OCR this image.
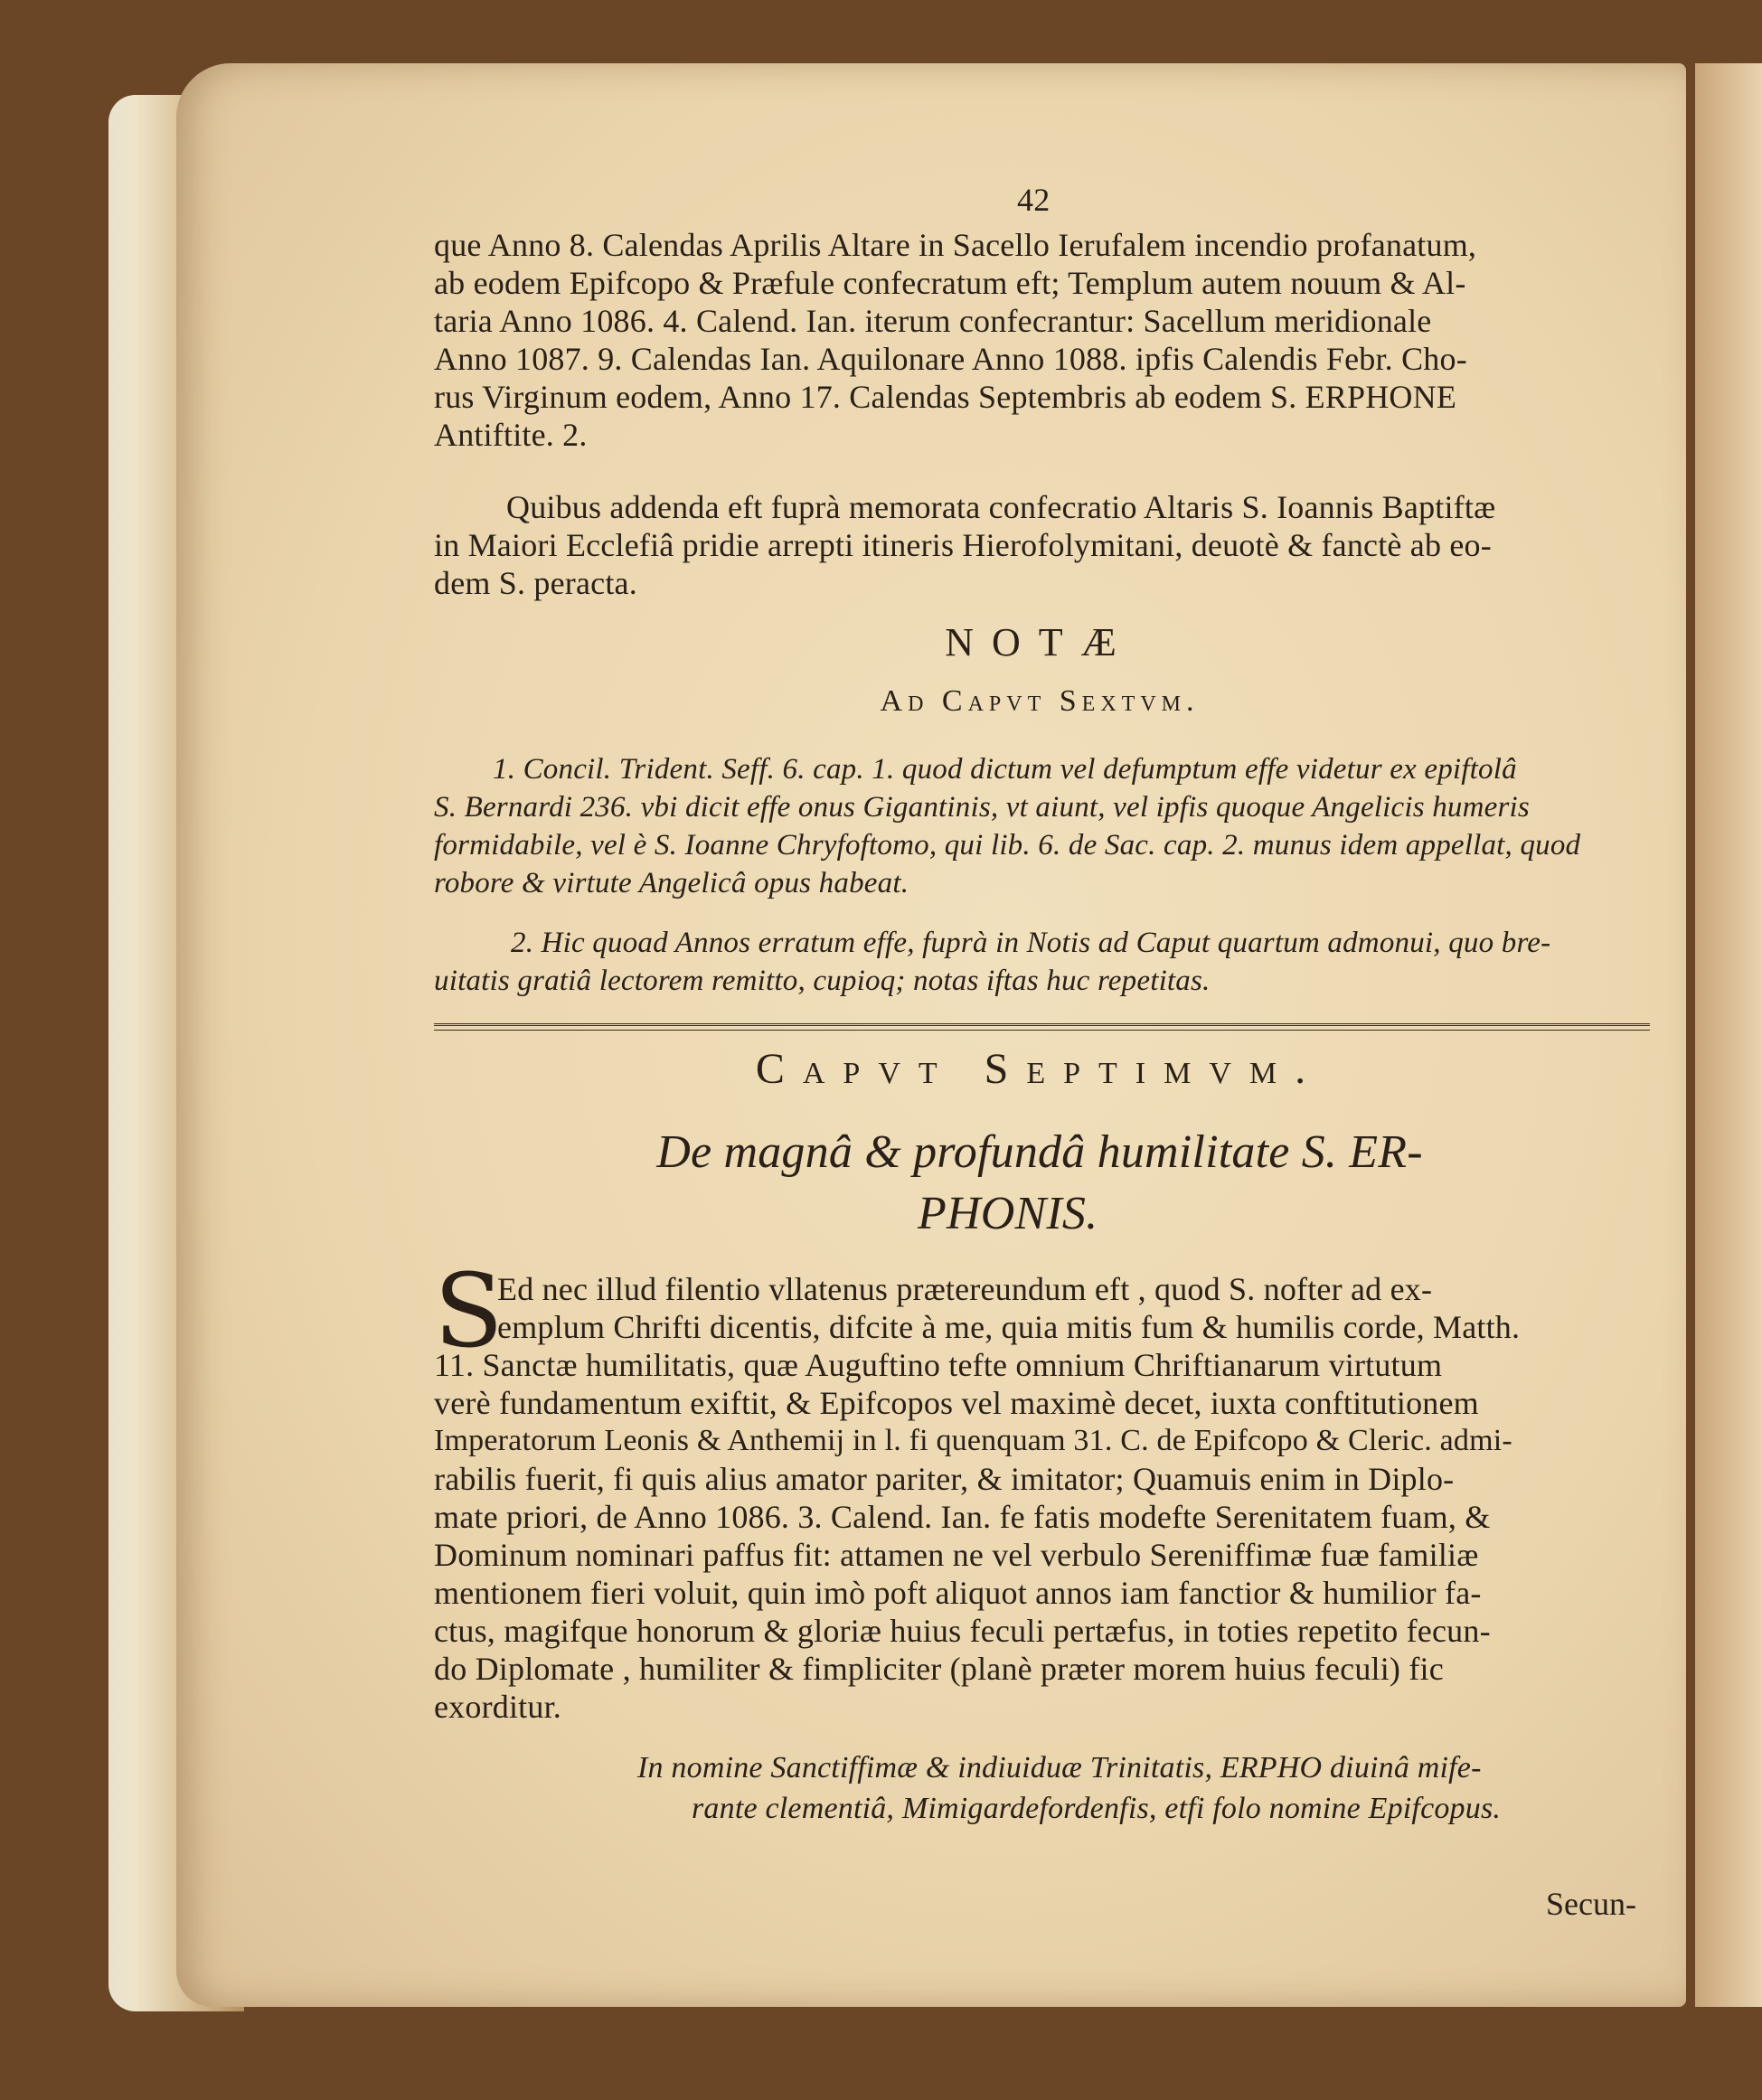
42
que Anno 8. Calendas Aprilis Altare in Sacello Ierufalem incendio profanatum,
ab eodem Epifcopo & Præfule confecratum eft; Templum autem nouum & Al-
taria Anno 1086. 4. Calend. Ian. iterum confecrantur: Sacellum meridionale
Anno 1087. 9. Calendas Ian. Aquilonare Anno 1088. ipfis Calendis Febr. Cho-
rus Virginum eodem, Anno 17. Calendas Septembris ab eodem S. ERPHONE
Antiftite. 2.
Quibus addenda eft fuprà memorata confecratio Altaris S. Ioannis Baptiftæ
in Maiori Ecclefiâ pridie arrepti itineris Hierofolymitani, deuotè & fanctè ab eo-
dem S. peracta.
NOTÆ
Ad Capvt Sextvm.
1. Concil. Trident. Seff. 6. cap. 1. quod dictum vel defumptum effe videtur ex epiftolâ
S. Bernardi 236. vbi dicit effe onus Gigantinis, vt aiunt, vel ipfis quoque Angelicis humeris
formidabile, vel è S. Ioanne Chryfoftomo, qui lib. 6. de Sac. cap. 2. munus idem appellat, quod
robore & virtute Angelicâ opus habeat.
2. Hic quoad Annos erratum effe, fuprà in Notis ad Caput quartum admonui, quo bre-
uitatis gratiâ lectorem remitto, cupioq; notas iftas huc repetitas.
Capvt Septimvm.
De magnâ & profundâ humilitate S. ER-
PHONIS.
S
Ed nec illud filentio vllatenus prætereundum eft , quod S. nofter ad ex-
emplum Chrifti dicentis, difcite à me, quia mitis fum & humilis corde, Matth.
11. Sanctæ humilitatis, quæ Auguftino tefte omnium Chriftianarum virtutum
verè fundamentum exiftit, & Epifcopos vel maximè decet, iuxta conftitutionem
Imperatorum Leonis & Anthemij in l. fi quenquam 31. C. de Epifcopo & Cleric. admi-
rabilis fuerit, fi quis alius amator pariter, & imitator; Quamuis enim in Diplo-
mate priori, de Anno 1086. 3. Calend. Ian. fe fatis modefte Serenitatem fuam, &
Dominum nominari paffus fit: attamen ne vel verbulo Sereniffimæ fuæ familiæ
mentionem fieri voluit, quin imò poft aliquot annos iam fanctior & humilior fa-
ctus, magifque honorum & gloriæ huius feculi pertæfus, in toties repetito fecun-
do Diplomate , humiliter & fimpliciter (planè præter morem huius feculi) fic
exorditur.
In nomine Sanctiffimæ & indiuiduæ Trinitatis, ERPHO diuinâ mife-
rante clementiâ, Mimigardefordenfis, etfi folo nomine Epifcopus.
Secun-
